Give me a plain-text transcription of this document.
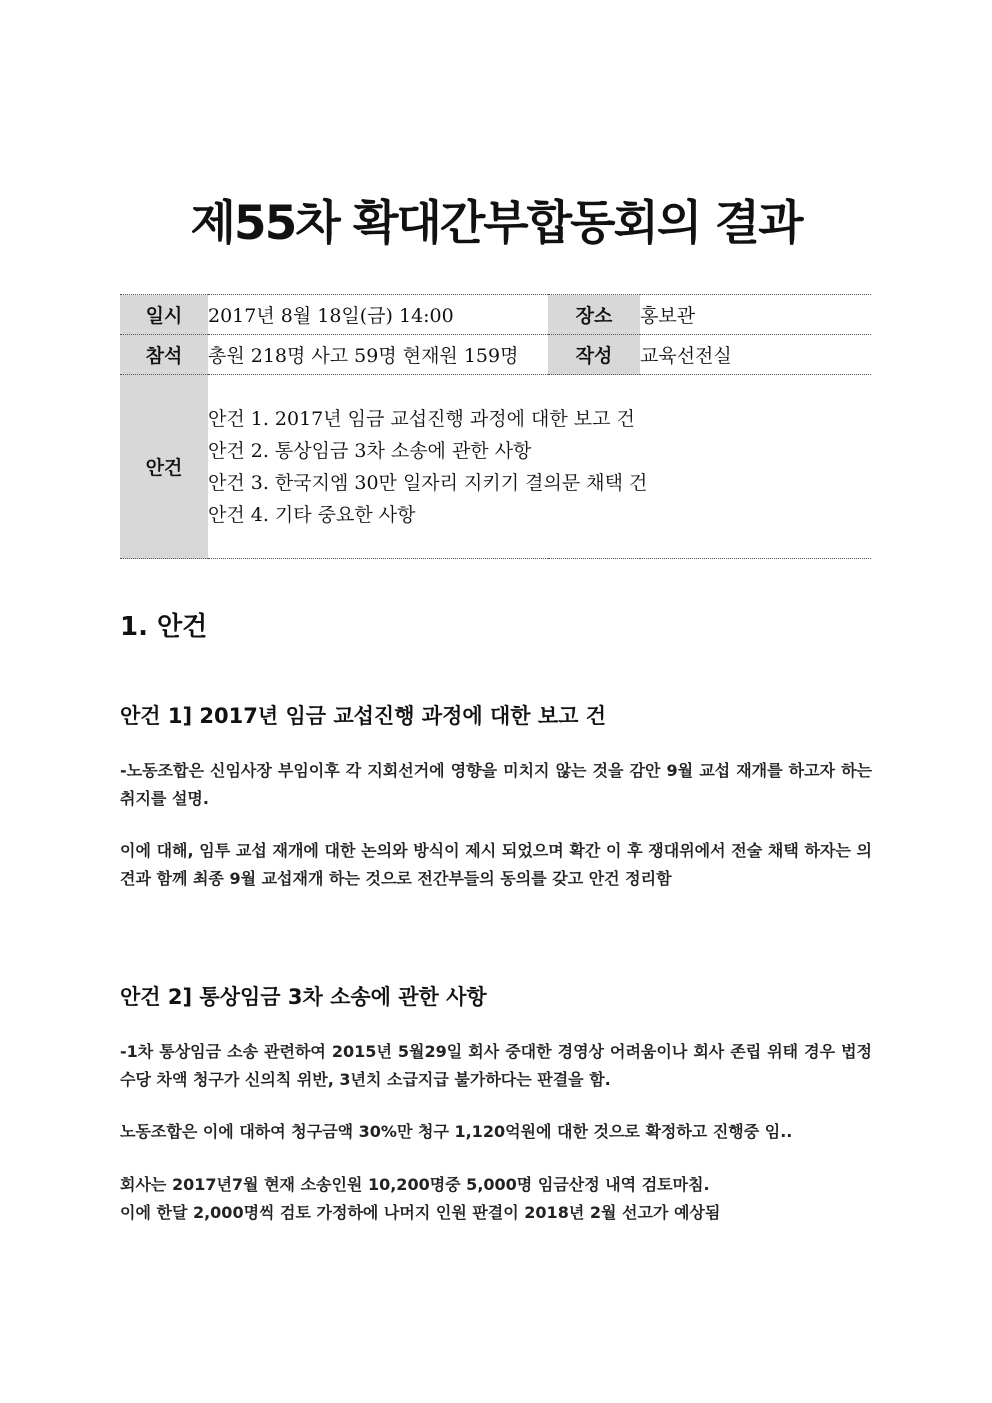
제55차 확대간부합동회의 결과
일시	2017년 8월 18일(금) 14:00	장소	홍보관
참석	총원 218명 사고 59명 현재원 159명	작성	교육선전실
안건	안건 1. 2017년 임금 교섭진행 과정에 대한 보고 건
안건 2. 통상임금 3차 소송에 관한 사항
안건 3. 한국지엠 30만 일자리 지키기 결의문 채택 건
안건 4. 기타 중요한 사항		
1. 안건
안건 1] 2017년 임금 교섭진행 과정에 대한 보고 건

-노동조합은 신임사장 부임이후 각 지회선거에 영향을 미치지 않는 것을 감안 9월 교섭 재개를 하고자 하는 취지를 설명.

이에 대해, 임투 교섭 재개에 대한 논의와 방식이 제시 되었으며 확간 이 후 쟁대위에서 전술 채택 하자는 의견과 함께 최종 9월 교섭재개 하는 것으로 전간부들의 동의를 갖고 안건 정리함

안건 2] 통상임금 3차 소송에 관한 사항

-1차 통상임금 소송 관련하여 2015년 5월29일 회사 중대한 경영상 어려움이나 회사 존립 위태 경우 법정수당 차액 청구가 신의칙 위반, 3년치 소급지급 불가하다는 판결을 함.

노동조합은 이에 대하여 청구금액 30%만 청구 1,120억원에 대한 것으로 확정하고 진행중 임..

회사는 2017년7월 현재 소송인원 10,200명중 5,000명 임금산정 내역 검토마침.

이에 한달 2,000명씩 검토 가정하에 나머지 인원 판결이 2018년 2월 선고가 예상됨
